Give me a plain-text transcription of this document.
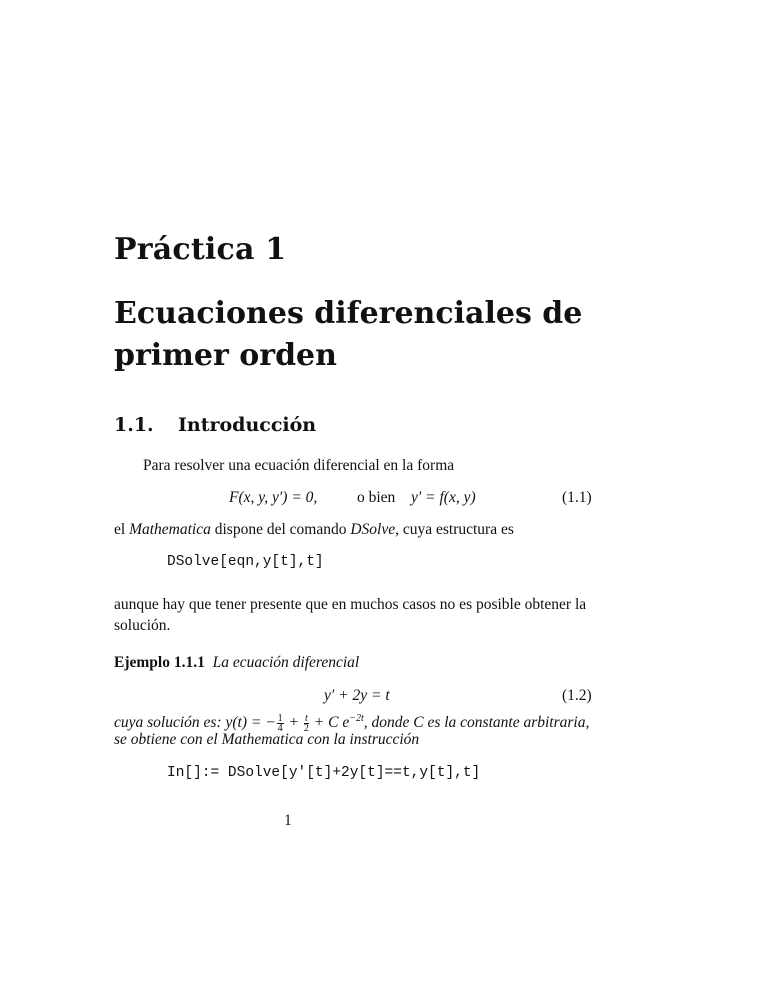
Práctica 1
Ecuaciones diferenciales de primer orden
1.1. Introducción
Para resolver una ecuación diferencial en la forma
F(x, y, y′) = 0,	o bien y′ = f(x, y)	(1.1)
el Mathematica dispone del comando DSolve, cuya estructura es
DSolve[eqn,y[t],t]
aunque hay que tener presente que en muchos casos no es posible obtener la
solución.
Ejemplo 1.1.1 La ecuación diferencial
y′ + 2y = t	(1.2)
cuya solución es: y(t) = − $\frac{1}{4} + \frac{t}{2} + C$ $e^{-2t}$, donde C es la constante arbitraria,
se obtiene con el Mathematica con la instrucción
In[]:= DSolve[y'[t]+2y[t]==t,y[t],t]
1
